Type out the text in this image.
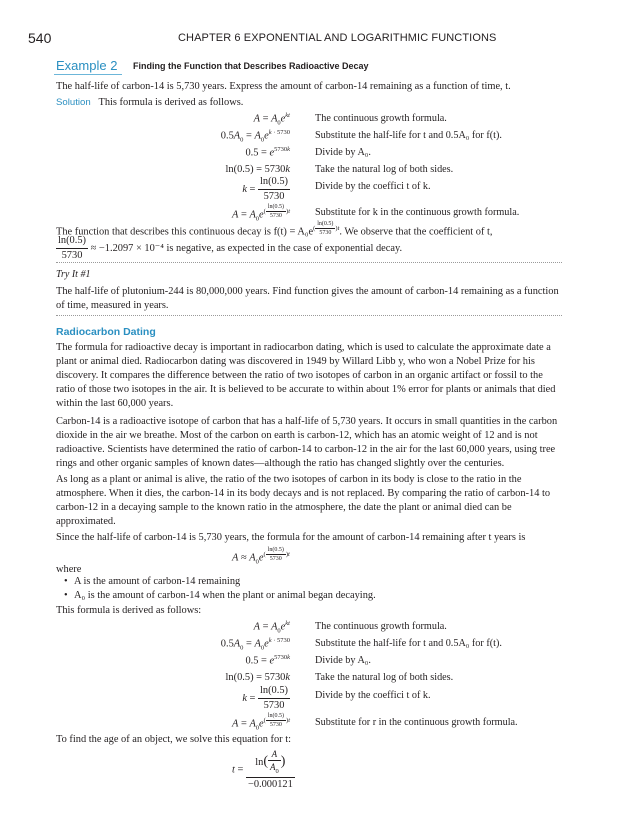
540	CHAPTER 6 EXPONENTIAL AND LOGARITHMIC FUNCTIONS
Example 2 Finding the Function that Describes Radioactive Decay

The half-life of carbon-14 is 5,730 years. Express the amount of carbon-14 remaining as a function of time, t.

Solution This formula is derived as follows.

$A = A_0e^{kt}$
$0.5A_0 = A_0e^{k \cdot 5730}$
$0.5 = e^{5730k}$
ln(0.5) = 5730k
$k = \frac{\ln(0.5)}{5730}$
$A = A_0e^{( \frac{\ln(0.5)}{5730} )t}$
The continuous growth formula.
Substitute the half-life for t and 0.5A₀ for f(t).
Divide by A₀.
Take the natural log of both sides.
Divide by the coeffici t of k.
Substitute for k in the continuous growth formula.

The function that describes this continuous decay is $f(t) = A_0e^{( \frac{\ln(0.5)}{5730} )t}$. We observe that the coefficient of t,

$\frac{\ln(0.5)}{5730} \approx -1.2097 \times 10^{-4}$ is negative, as expected in the case of exponential decay.
Try It #1

The half-life of plutonium-244 is 80,000,000 years. Find function gives the amount of carbon-14 remaining as a function of time, measured in years.

Radiocarbon Dating

The formula for radioactive decay is important in radiocarbon dating, which is used to calculate the approximate date a plant or animal died. Radiocarbon dating was discovered in 1949 by Willard Libb y, who won a Nobel Prize for his discovery. It compares the difference between the ratio of two isotopes of carbon in an organic artifact or fossil to the ratio of those two isotopes in the air. It is believed to be accurate to within about 1% error for plants or animals that died within the last 60,000 years.

Carbon-14 is a radioactive isotope of carbon that has a half-life of 5,730 years. It occurs in small quantities in the carbon dioxide in the air we breathe. Most of the carbon on earth is carbon-12, which has an atomic weight of 12 and is not radioactive. Scientists have determined the ratio of carbon-14 to carbon-12 in the air for the last 60,000 years, using tree rings and other organic samples of known dates—although the ratio has changed slightly over the centuries.

As long as a plant or animal is alive, the ratio of the two isotopes of carbon in its body is close to the ratio in the atmosphere. When it dies, the carbon-14 in its body decays and is not replaced. By comparing the ratio of carbon-14 to carbon-12 in a decaying sample to the known ratio in the atmosphere, the date the plant or animal died can be approximated.

Since the half-life of carbon-14 is 5,730 years, the formula for the amount of carbon-14 remaining after t years is

$A \approx A_0e^{( \frac{\ln(0.5)}{5730} )t}$
where
• A is the amount of carbon-14 remaining
• A₀ is the amount of carbon-14 when the plant or animal began decaying.

This formula is derived as follows:

$A = A_0e^{kt}$
$0.5A_0 = A_0e^{k \cdot 5730}$
$0.5 = e^{5730k}$
ln(0.5) = 5730k
$k = \frac{\ln(0.5)}{5730}$
$A = A_0e^{( \frac{\ln(0.5)}{5730} )t}$
The continuous growth formula.
Substitute the half-life for t and 0.5A₀ for f(t).
Divide by A₀.
Take the natural log of both sides.
Divide by the coeffici t of k.
Substitute for r in the continuous growth formula.

To find the age of an object, we solve this equation for t:

$t = \frac{\ln( \frac{A}{A_0} )}{-0.000121}$
